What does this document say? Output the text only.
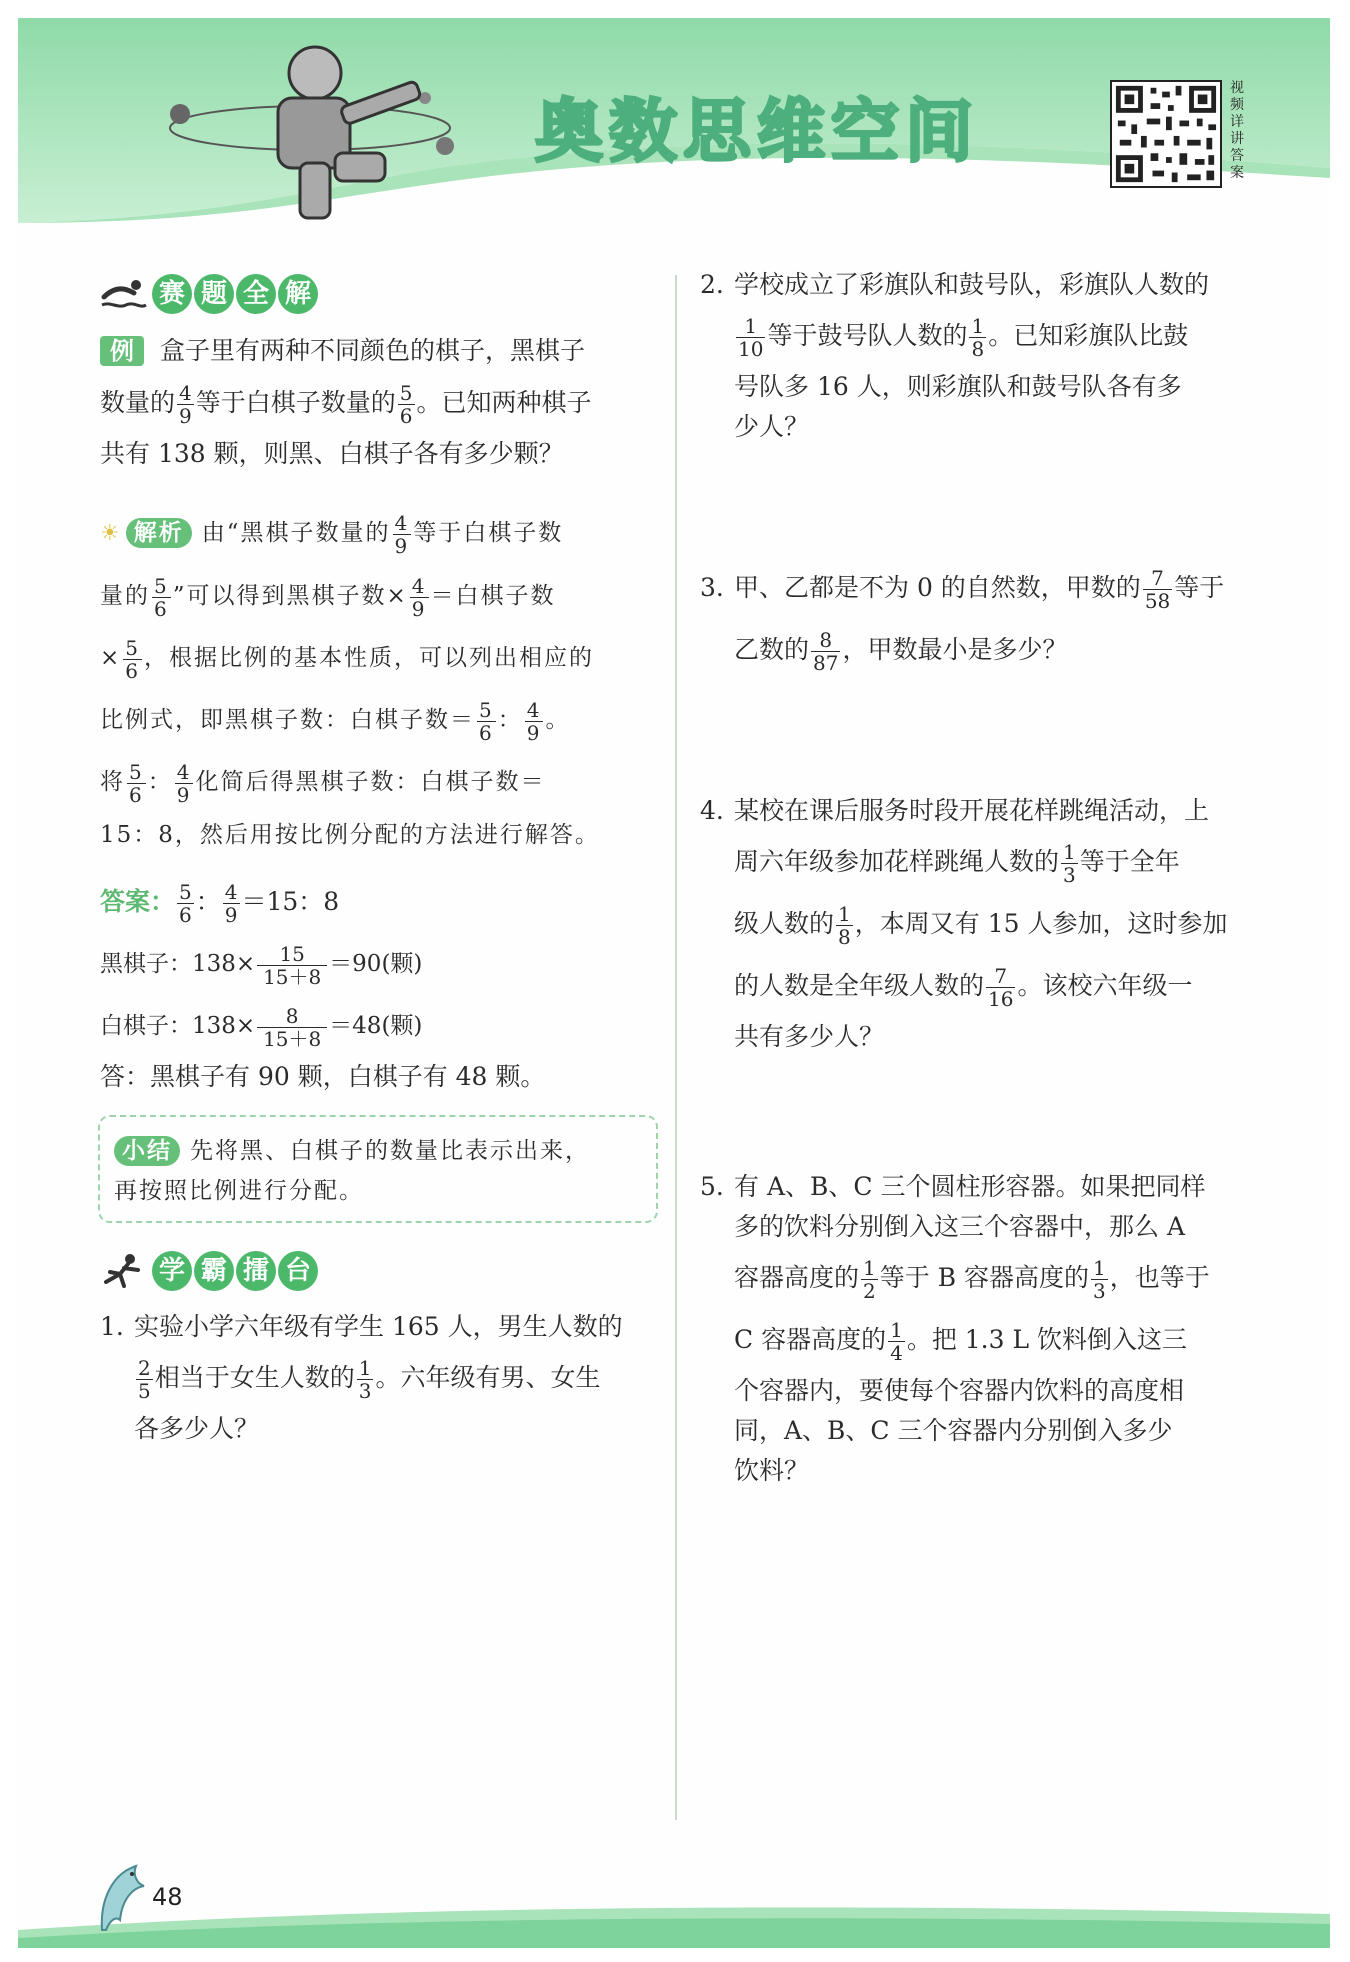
奥数思维空间
视频详讲答案
赛 题 全 解
例 盒子里有两种不同颜色的棋子，黑棋子
数量的 $\frac{4}{9}$ 等于白棋子数量的 $\frac{5}{6}$ 。已知两种棋子
共有 138 颗，则黑、白棋子各有多少颗？
☀ 解析 由“黑棋子数量的 $\frac{4}{9}$ 等于白棋子数
量的 $\frac{5}{6}$ ”可以得到黑棋子数× $\frac{4}{9}$ ＝白棋子数
× $\frac{5}{6}$ ，根据比例的基本性质，可以列出相应的
比例式，即黑棋子数：白棋子数＝ $\frac{5}{6}$ ： $\frac{4}{9}$ 。
将 $\frac{5}{6}$ ： $\frac{4}{9}$ 化简后得黑棋子数：白棋子数＝
15：8，然后用按比例分配的方法进行解答。
答案： $\frac{5}{6}$ ： $\frac{4}{9} =15$：8
黑棋子：$138\times \frac{15}{15+8} =90$(颗)
白棋子：$138\times \frac{8}{15+8} =48$(颗)
答：黑棋子有 90 颗，白棋子有 48 颗。
小结 先将黑、白棋子的数量比表示出来，
再按照比例进行分配。
学 霸 擂 台
1. 实验小学六年级有学生 165 人，男生人数的
$\frac{2}{5}$ 相当于女生人数的 $\frac{1}{3}$ 。六年级有男、女生
各多少人？
2. 学校成立了彩旗队和鼓号队，彩旗队人数的
$\frac{1}{10}$ 等于鼓号队人数的 $\frac{1}{8}$ 。已知彩旗队比鼓
号队多 16 人，则彩旗队和鼓号队各有多
少人？
3. 甲、乙都是不为 0 的自然数，甲数的 $\frac{7}{58}$ 等于
乙数的 $\frac{8}{87}$ ，甲数最小是多少？
4. 某校在课后服务时段开展花样跳绳活动，上
周六年级参加花样跳绳人数的 $\frac{1}{3}$ 等于全年
级人数的 $\frac{1}{8}$ ，本周又有 15 人参加，这时参加
的人数是全年级人数的 $\frac{7}{16}$ 。该校六年级一
共有多少人？
5. 有 A、B、C 三个圆柱形容器。如果把同样
多的饮料分别倒入这三个容器中，那么 A
容器高度的 $\frac{1}{2}$ 等于 B 容器高度的 $\frac{1}{3}$ ，也等于
C 容器高度的 $\frac{1}{4}$ 。把 1.3 L 饮料倒入这三
个容器内，要使每个容器内饮料的高度相
同，A、B、C 三个容器内分别倒入多少
饮料？
48
